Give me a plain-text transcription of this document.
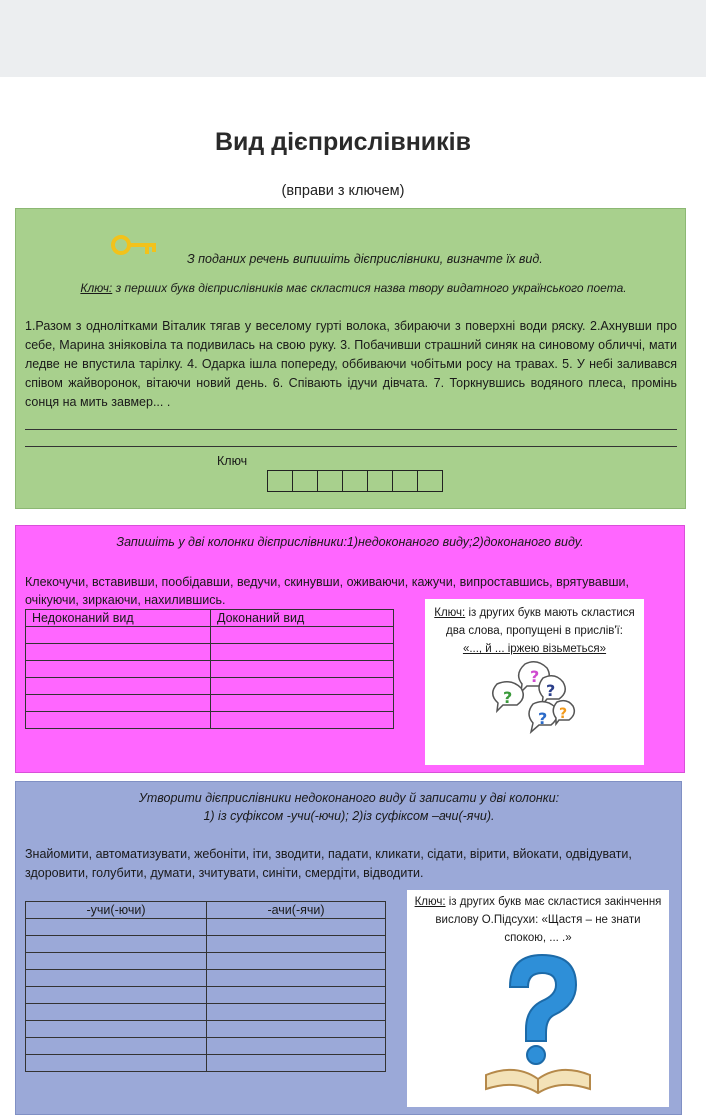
Вид дієприслівників
(вправи з ключем)
З поданих речень випишіть дієприслівники, визначте їх вид.
Ключ: з перших букв дієприслівників має скластися назва твору видатного українського поета.
1.Разом з однолітками Віталик тягав у веселому гурті волока, збираючи з поверхні води ряску. 2.Ахнувши про себе, Марина зніяковіла та подивилась на свою руку. 3. Побачивши страшний синяк на синовому обличчі, мати ледве не впустила тарілку. 4. Одарка ішла попереду, оббиваючи чобітьми росу на травах. 5. У небі заливався співом жайворонок, вітаючи новий день. 6. Співають ідучи дівчата. 7. Торкнувшись водяного плеса, промінь сонця на мить завмер... .
Ключ
Запишіть у дві колонки дієприслівники:1)недоконаного виду;2)доконаного виду.
Клекочучи, вставивши, пообідавши, ведучи, скинувши, оживаючи, кажучи, випроставшись, врятувавши, очікуючи, зиркаючи, нахилившись.
Недоконаний вид	Доконаний вид

		Ключ: із других букв мають скластися два слова, пропущені в прислів'ї:
«..., й ... іржею візьметься»
?
?
?
? ?
Утворити дієприслівники недоконаного виду й записати у дві колонки:
1) із суфіксом -учи(-ючи); 2)із суфіксом –ачи(-ячи).
Знайомити, автоматизувати, жебоніти, іти, зводити, падати, кликати, сідати, вірити, вйокати, одвідувати, здоровити, голубити, думати, зчитувати, синіти, смердіти, відводити.
-учи(-ючи)	-ачи(-ячи)

Ключ: із других букв має скластися закінчення вислову О.Підсухи: «Щастя – не знати спокою, ... .»
